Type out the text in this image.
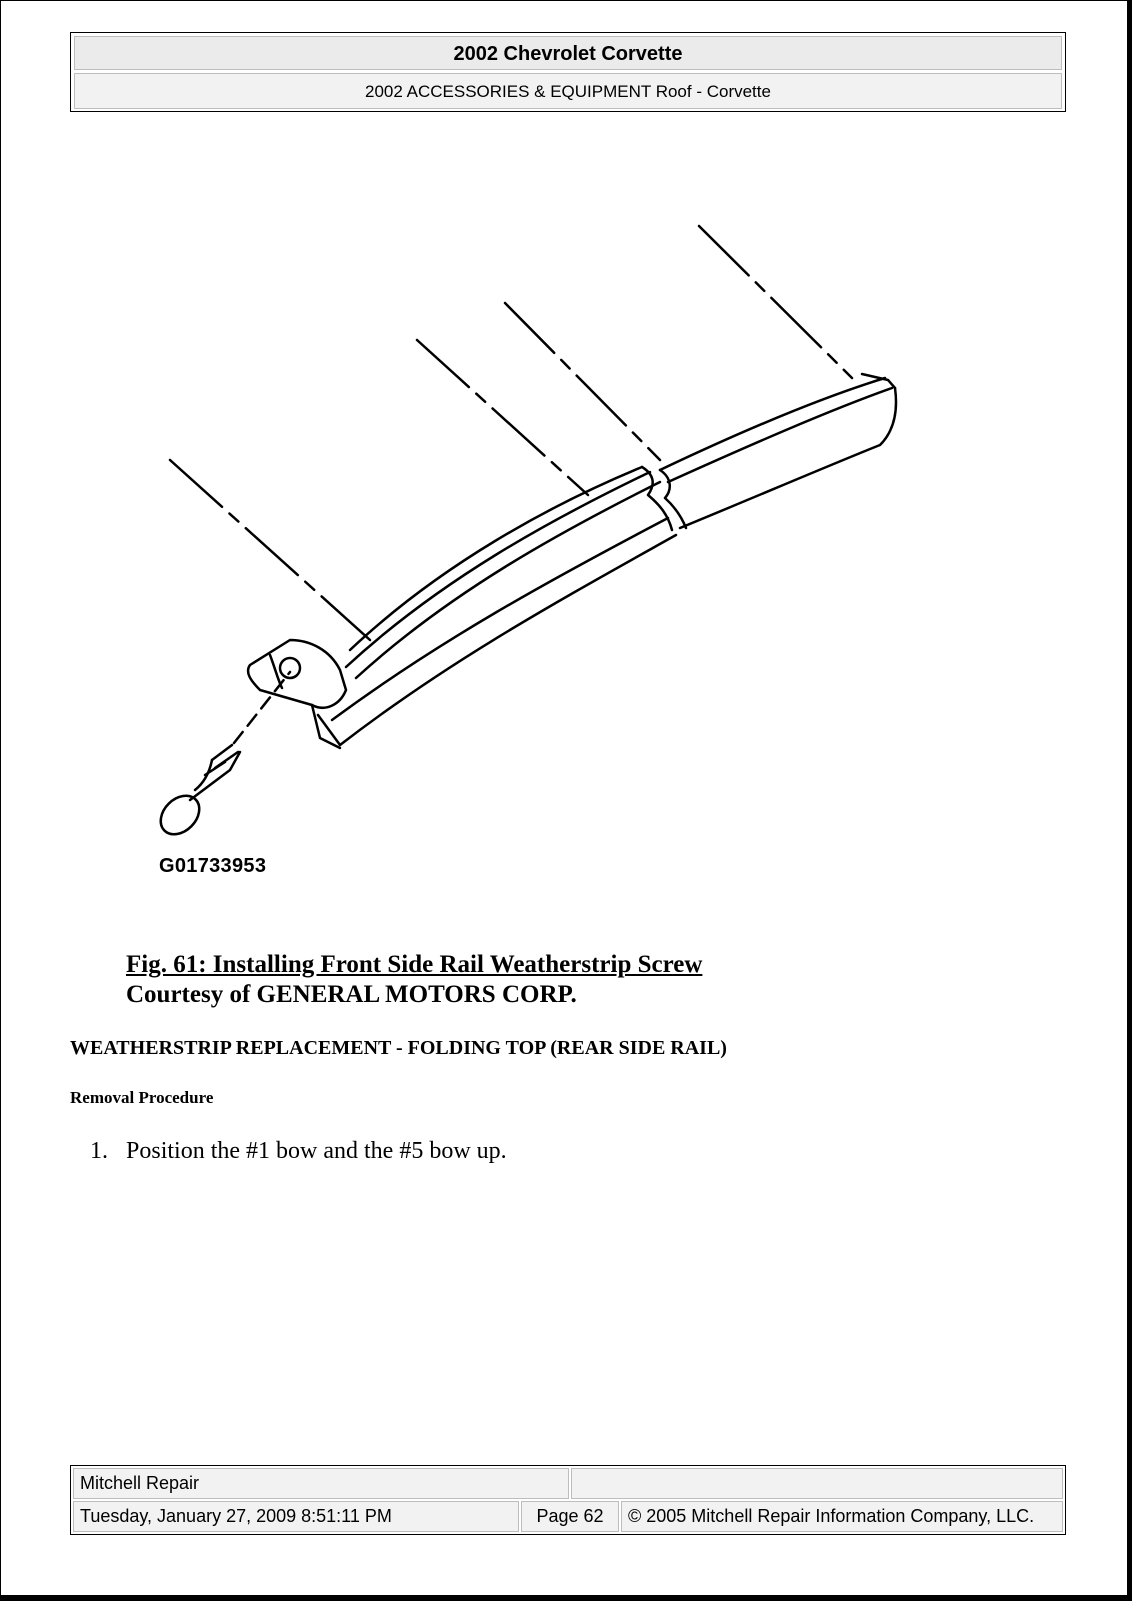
2002 Chevrolet Corvette
2002 ACCESSORIES & EQUIPMENT Roof - Corvette
G01733953
Fig. 61: Installing Front Side Rail Weatherstrip Screw
Courtesy of GENERAL MOTORS CORP.
WEATHERSTRIP REPLACEMENT - FOLDING TOP (REAR SIDE RAIL)
Removal Procedure
1. Position the #1 bow and the #5 bow up.
Mitchell Repair
Tuesday, January 27, 2009 8:51:11 PM	Page 62	© 2005 Mitchell Repair Information Company, LLC.
